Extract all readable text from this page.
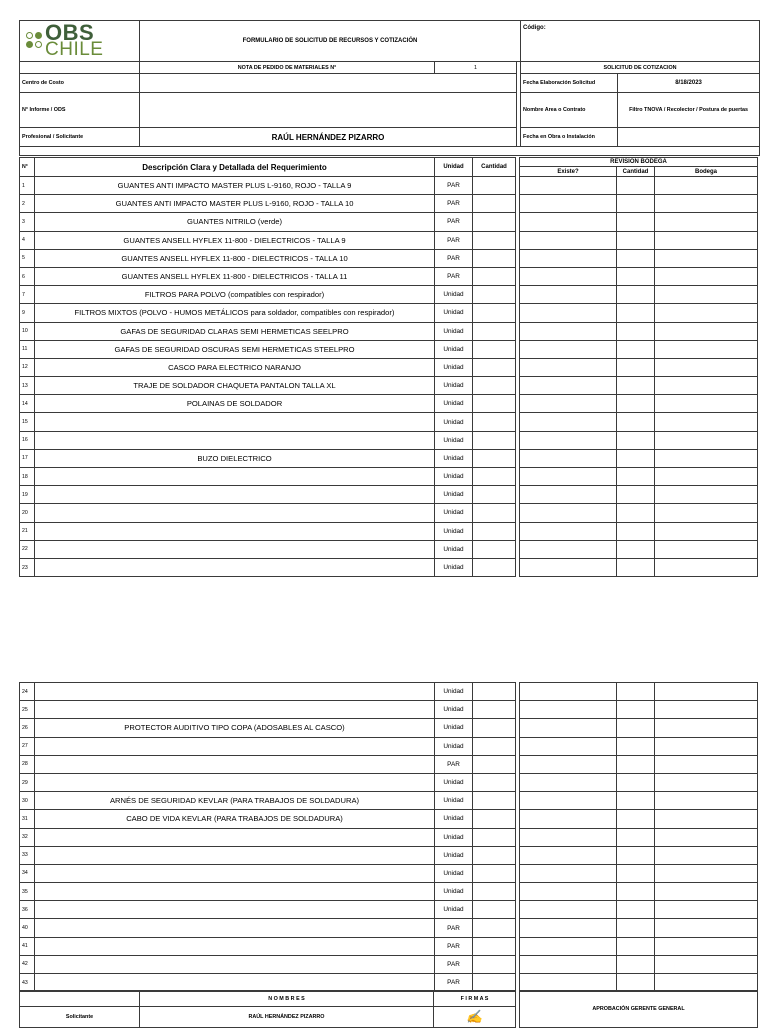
OBS
CHILE	FORMULARIO DE SOLICITUD DE RECURSOS Y COTIZACIÓN			Código:	
	NOTA DE PEDIDO DE MATERIALES N°	1		SOLICITUD DE COTIZACION	
Centro de Costo				Fecha Elaboración Solicitud	8/18/2023
N° Informe / ODS				Nombre Area o Contrato	Filtro TNOVA / Recolector / Postura de puertas
Profesional / Solicitante	RAÚL HERNÁNDEZ PIZARRO			Fecha en Obra o Instalación	

N°	Descripción Clara y Detallada del Requerimiento	Unidad	Cantidad
1	GUANTES ANTI IMPACTO MASTER PLUS L-9160, ROJO - TALLA 9	PAR	
2	GUANTES ANTI IMPACTO MASTER PLUS L-9160, ROJO - TALLA 10	PAR	
3	GUANTES NITRILO (verde)	PAR	
4	GUANTES ANSELL HYFLEX 11-800 - DIELECTRICOS - TALLA 9	PAR	
5	GUANTES ANSELL HYFLEX 11-800 - DIELECTRICOS - TALLA 10	PAR	
6	GUANTES ANSELL HYFLEX 11-800 - DIELECTRICOS - TALLA 11	PAR	
7	FILTROS PARA POLVO (compatibles con respirador)	Unidad	
9	FILTROS MIXTOS (POLVO - HUMOS METÁLICOS para soldador, compatibles con respirador)	Unidad	
10	GAFAS DE SEGURIDAD CLARAS SEMI HERMETICAS SEELPRO	Unidad	
11	GAFAS DE SEGURIDAD OSCURAS SEMI HERMETICAS STEELPRO	Unidad	
12	CASCO PARA ELECTRICO NARANJO	Unidad	
13	TRAJE DE SOLDADOR CHAQUETA PANTALON TALLA XL	Unidad	
14	POLAINAS DE SOLDADOR	Unidad	
15		Unidad	
16		Unidad	
17	BUZO DIELECTRICO	Unidad	
18		Unidad	
19		Unidad	
20		Unidad	
21		Unidad	
22		Unidad	
23		Unidad	
REVISION BODEGA		
Existe?	Cantidad	Bodega

24		Unidad	
25		Unidad	
26	PROTECTOR AUDITIVO TIPO COPA (ADOSABLES AL CASCO)	Unidad	
27		Unidad	
28		PAR	
29		Unidad	
30	ARNÉS DE SEGURIDAD KEVLAR (PARA TRABAJOS DE SOLDADURA)	Unidad	
31	CABO DE VIDA KEVLAR (PARA TRABAJOS DE SOLDADURA)	Unidad	
32		Unidad	
33		Unidad	
34		Unidad	
35		Unidad	
36		Unidad	
40		PAR	
41		PAR	
42		PAR	
43		PAR	

	N O M B R E S	F I R M A S		APROBACIÓN GERENTE GENERAL
Solicitante	RAÚL HERNÁNDEZ PIZARRO	✍		
